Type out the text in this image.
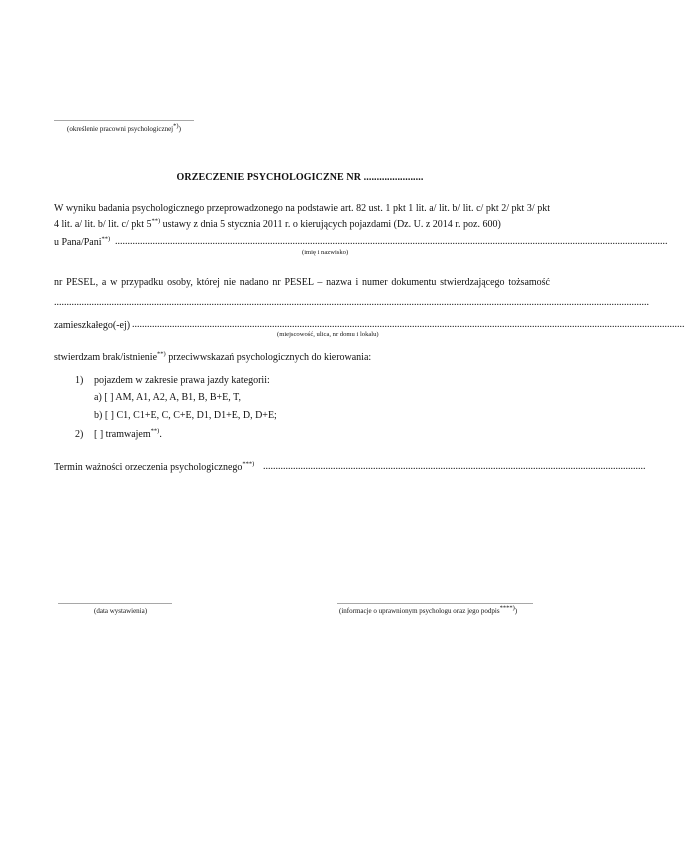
......................................................................
(określenie pracowni psychologicznej*))
ORZECZENIE PSYCHOLOGICZNE NR .......................
W wyniku badania psychologicznego przeprowadzonego na podstawie art. 82 ust. 1 pkt 1 lit. a/ lit. b/ lit. c/ pkt 2/ pkt 3/ pkt 4 lit. a/ lit. b/ lit. c/ pkt 5**) ustawy z dnia 5 stycznia 2011 r. o kierujących pojazdami (Dz. U. z 2014 r. poz. 600)
u Pana/Pani**) .............................................................................................................................................................................................................................
(imię i nazwisko)
nr PESEL, a w przypadku osoby, której nie nadano nr PESEL – nazwa i numer dokumentu stwierdzającego tożsamość
..............................................................................................................................................................................................................................................
zamieszkałego(-ej) .............................................................................................................................................................................................................................
(miejscowość, ulica, nr domu i lokalu)
stwierdzam brak/istnienie**) przeciwwskazań psychologicznych do kierowania:
1) pojazdem w zakresie prawa jazdy kategorii:
a) [ ] AM, A1, A2, A, B1, B, B+E, T,
b) [ ] C1, C1+E, C, C+E, D1, D1+E, D, D+E;
2) [ ] tramwajem**).
Termin ważności orzeczenia psychologicznego***) .........................................................................................................................................................
.........................................................
(data wystawienia)
..................................................................................................
(informacje o uprawnionym psychologu oraz jego podpis****))
